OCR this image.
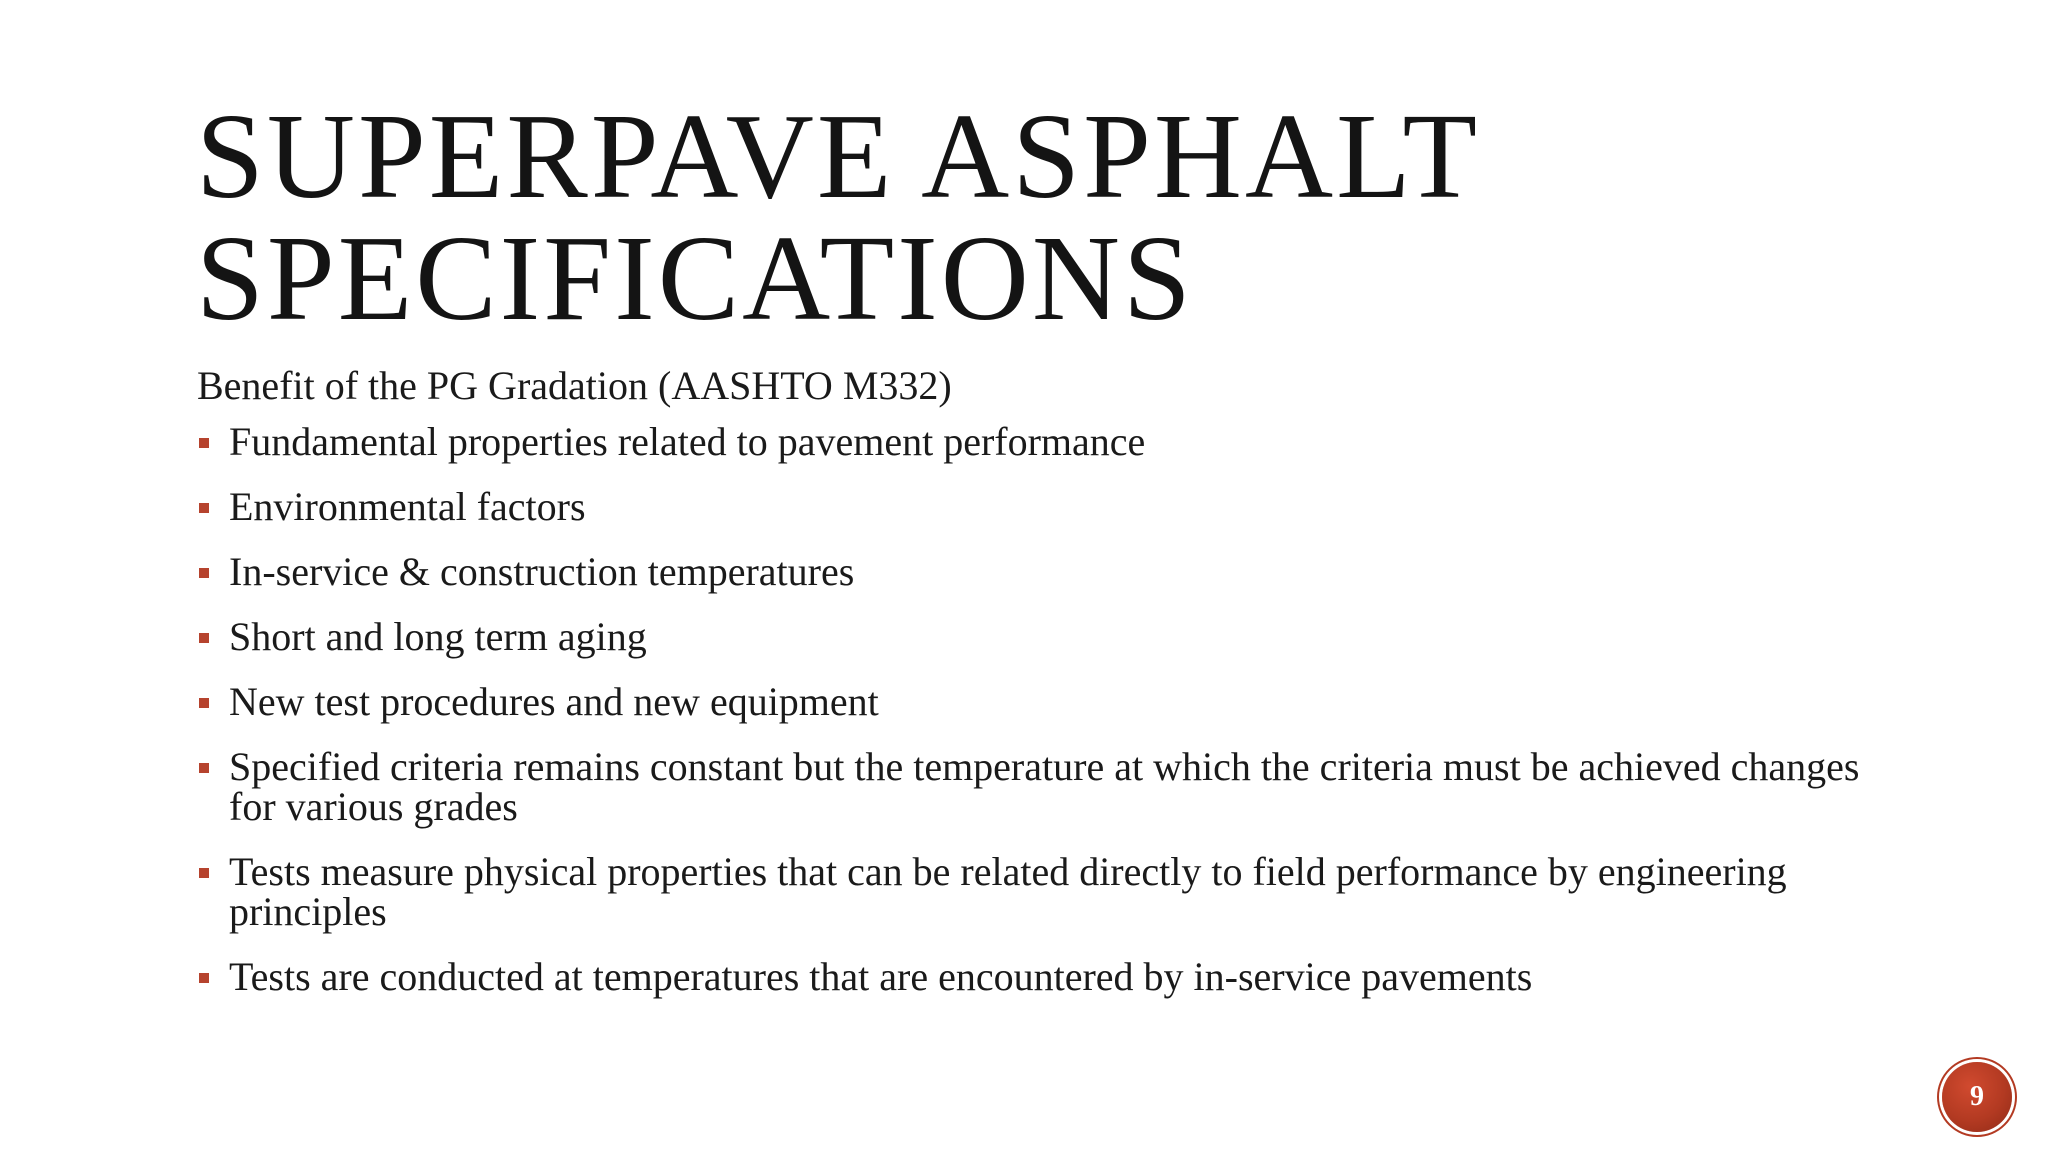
SUPERPAVE ASPHALT
SPECIFICATIONS

Benefit of the PG Gradation (AASHTO M332)

Fundamental properties related to pavement performance
Environmental factors
In-service & construction temperatures
Short and long term aging
New test procedures and new equipment
Specified criteria remains constant but the temperature at which the criteria must be achieved changes for various grades
Tests measure physical properties that can be related directly to field performance by engineering principles
Tests are conducted at temperatures that are encountered by in-service pavements
9
